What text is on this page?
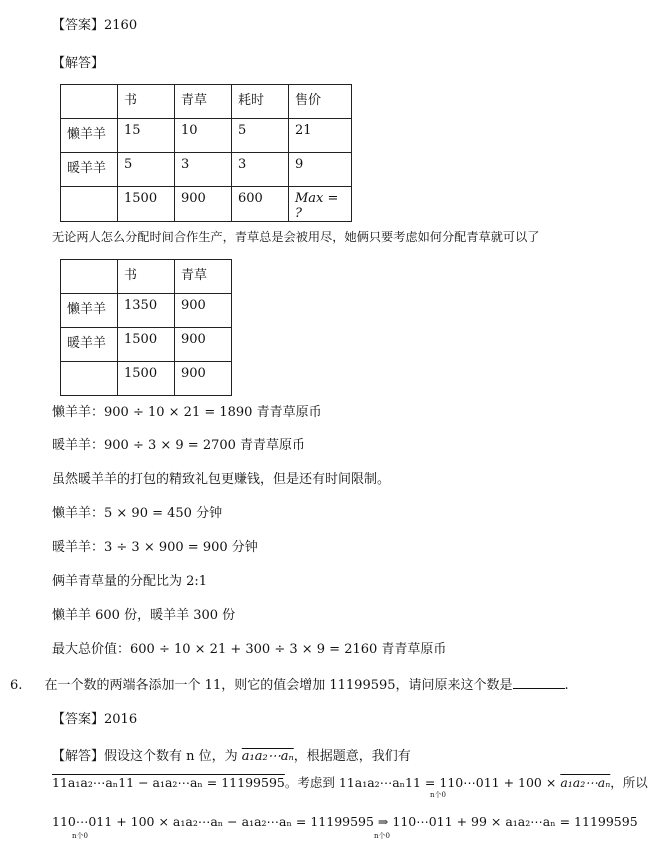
【答案】2160
【解答】
	书	青草	耗时	售价
懒羊羊	15	10	5	21
暖羊羊	5	3	3	9
	1500	900	600	Max = ?
无论两人怎么分配时间合作生产，青草总是会被用尽，她俩只要考虑如何分配青草就可以了
	书	青草
懒羊羊	1350	900
暖羊羊	1500	900
	1500	900
懒羊羊：900 ÷ 10 × 21 = 1890 青青草原币
暖羊羊：900 ÷ 3 × 9 = 2700 青青草原币
虽然暖羊羊的打包的精致礼包更赚钱，但是还有时间限制。
懒羊羊：5 × 90 = 450 分钟
暖羊羊：3 ÷ 3 × 900 = 900 分钟
俩羊青草量的分配比为 2:1
懒羊羊 600 份，暖羊羊 300 份
最大总价值：600 ÷ 10 × 21 + 300 ÷ 3 × 9 = 2160 青青草原币
6. 在一个数的两端各添加一个 11，则它的值会增加 11199595，请问原来这个数是	.
【答案】2016
【解答】假设这个数有 n 位，为 a₁a₂⋯aₙ，根据题意，我们有
11a₁a₂⋯aₙ11 − a₁a₂⋯aₙ = 11199595。考虑到 11a₁a₂⋯aₙ11 = 110⋯011 + 100 × a₁a₂⋯aₙ，所以
n个0
110⋯011 + 100 × a₁a₂⋯aₙ − a₁a₂⋯aₙ = 11199595 ⇒ 110⋯011 + 99 × a₁a₂⋯aₙ = 11199595
n个0	n个0
